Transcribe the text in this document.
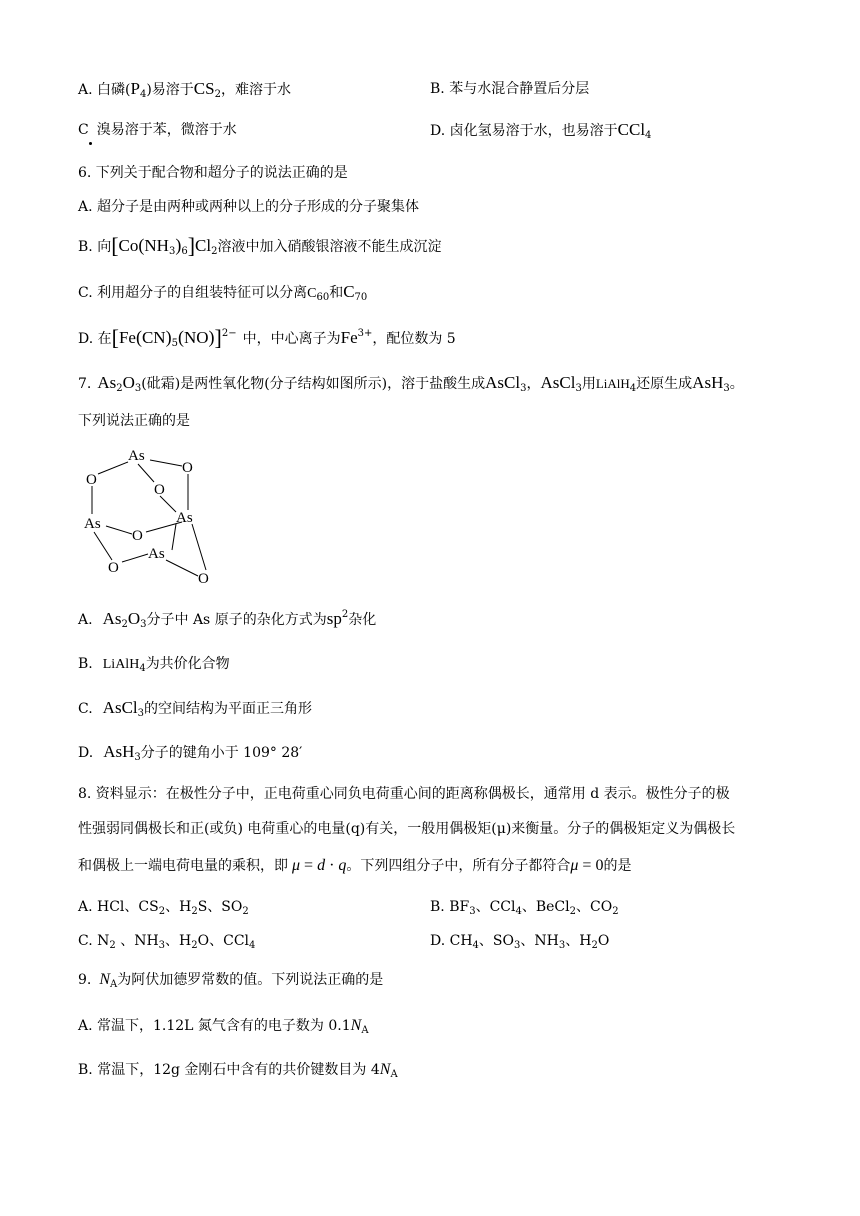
A. 白磷$(P_4)$易溶于$CS_2$，难溶于水	B. 苯与水混合静置后分层
C 溴易溶于苯，微溶于水	D. 卤化氢易溶于水，也易溶于CCl$_4$
6. 下列关于配合物和超分子的说法正确的是
A. 超分子是由两种或两种以上的分子形成的分子聚集体
B. 向$[Co(NH_3)_6]Cl_2$溶液中加入硝酸银溶液不能生成沉淀
C. 利用超分子的自组装特征可以分离$C_{60}$和$C_{70}$
D. 在$[Fe(CN)_5(NO)]^{2-}$ 中，中心离子为$Fe^{3+}$，配位数为 5
7. $As_2O_3$(砒霜)是两性氧化物(分子结构如图所示)，溶于盐酸生成AsCl$_3$，AsCl$_3$用LiAlH$_4$还原生成AsH$_3$。
下列说法正确的是
As
O
O
O
As
As
O
As
O
O
A. $As_2O_3$分子中 As 原子的杂化方式为$sp^2$杂化
B. LiAlH$_4$为共价化合物
C. AsCl$_3$的空间结构为平面正三角形
D. AsH$_3$分子的键角小于 109° 28′
8. 资料显示：在极性分子中，正电荷重心同负电荷重心间的距离称偶极长，通常用 d 表示。极性分子的极
性强弱同偶极长和正(或负) 电荷重心的电量(q)有关，一般用偶极矩(μ)来衡量。分子的偶极矩定义为偶极长
和偶极上一端电荷电量的乘积，即 μ = d · q。下列四组分子中，所有分子都符合μ = 0的是
A. HCl、$CS_2$、$H_2S$、$SO_2$	B. $BF_3$、CCl$_4$、BeCl$_2$、$CO_2$
C. $N_2$ 、$NH_3$、$H_2O$、CCl$_4$	D. $CH_4$、$SO_3$、$NH_3$、$H_2O$
9. $N_A$为阿伏加德罗常数的值。下列说法正确的是
A. 常温下，1.12L 氮气含有的电子数为 $0.1N_A$
B. 常温下，12g 金刚石中含有的共价键数目为 $4N_A$
